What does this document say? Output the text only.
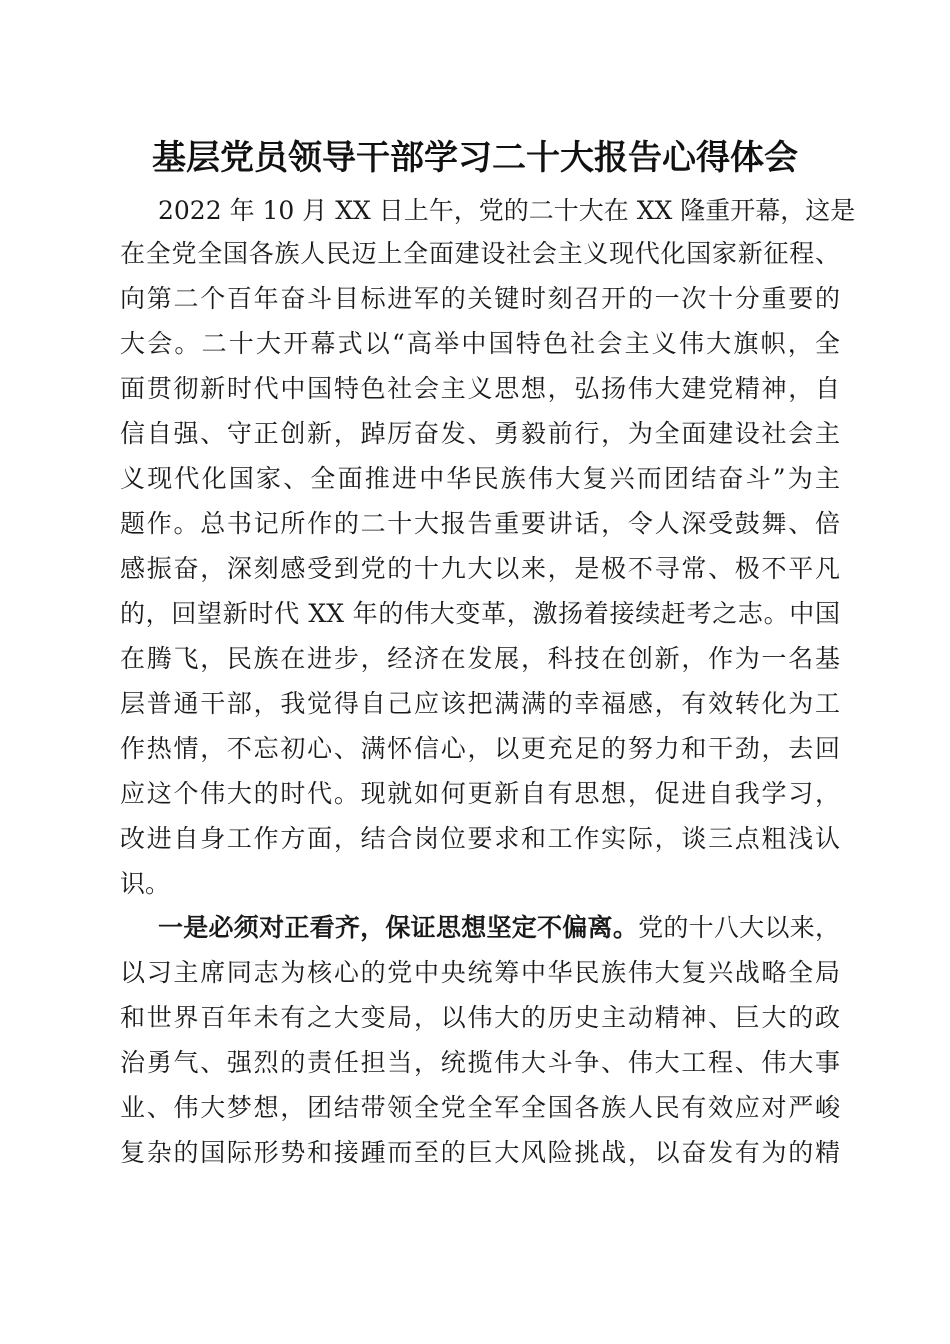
基层党员领导干部学习二十大报告心得体会
2022 年 10 月 XX 日上午，党的二十大在 XX 隆重开幕，这是
在全党全国各族人民迈上全面建设社会主义现代化国家新征程、
向第二个百年奋斗目标进军的关键时刻召开的一次十分重要的
大会。二十大开幕式以“高举中国特色社会主义伟大旗帜，全
面贯彻新时代中国特色社会主义思想，弘扬伟大建党精神，自
信自强、守正创新，踔厉奋发、勇毅前行，为全面建设社会主
义现代化国家、全面推进中华民族伟大复兴而团结奋斗”为主
题作。总书记所作的二十大报告重要讲话，令人深受鼓舞、倍
感振奋，深刻感受到党的十九大以来，是极不寻常、极不平凡
的，回望新时代 XX 年的伟大变革，激扬着接续赶考之志。中国
在腾飞，民族在进步，经济在发展，科技在创新，作为一名基
层普通干部，我觉得自己应该把满满的幸福感，有效转化为工
作热情，不忘初心、满怀信心，以更充足的努力和干劲，去回
应这个伟大的时代。现就如何更新自有思想，促进自我学习，
改进自身工作方面，结合岗位要求和工作实际，谈三点粗浅认
识。
一是必须对正看齐，保证思想坚定不偏离。党的十八大以来，
以习主席同志为核心的党中央统筹中华民族伟大复兴战略全局
和世界百年未有之大变局，以伟大的历史主动精神、巨大的政
治勇气、强烈的责任担当，统揽伟大斗争、伟大工程、伟大事
业、伟大梦想，团结带领全党全军全国各族人民有效应对严峻
复杂的国际形势和接踵而至的巨大风险挑战，以奋发有为的精
